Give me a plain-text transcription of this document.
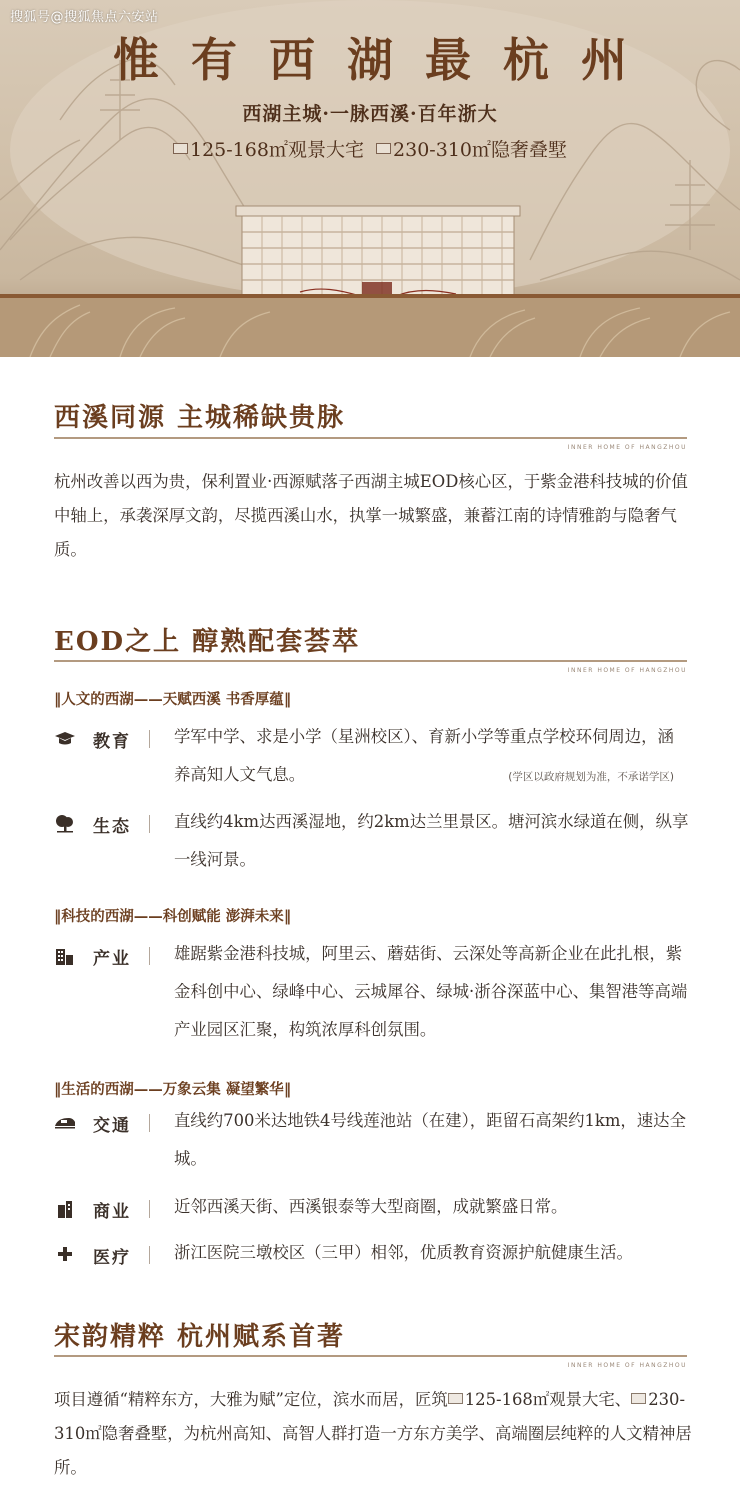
搜狐号@搜狐焦点六安站
惟有西湖最杭州
西湖主城·一脉西溪·百年浙大
125-168㎡观景大宅 230-310㎡隐奢叠墅
西溪同源 主城稀缺贵脉
INNER HOME OF HANGZHOU
杭州改善以西为贵，保利置业·西源赋落子西湖主城EOD核心区，于紫金港科技城的价值中轴上，承袭深厚文韵，尽揽西溪山水，执掌一城繁盛，兼蓄江南的诗情雅韵与隐奢气质。
EOD之上 醇熟配套荟萃
INNER HOME OF HANGZHOU
‖人文的西湖——天赋西溪 书香厚蕴‖
教育	学军中学、求是小学（星洲校区）、育新小学等重点学校环伺周边，涵养高知人文气息。	(学区以政府规划为准，不承诺学区)
生态	直线约4km达西溪湿地，约2km达兰里景区。塘河滨水绿道在侧，纵享一线河景。
‖科技的西湖——科创赋能 澎湃未来‖
产业	雄踞紫金港科技城，阿里云、蘑菇街、云深处等高新企业在此扎根，紫金科创中心、绿峰中心、云城犀谷、绿城·浙谷深蓝中心、集智港等高端产业园区汇聚，构筑浓厚科创氛围。
‖生活的西湖——万象云集 凝望繁华‖
交通	直线约700米达地铁4号线莲池站（在建），距留石高架约1km，速达全城。
商业	近邻西溪天街、西溪银泰等大型商圈，成就繁盛日常。
医疗	浙江医院三墩校区（三甲）相邻，优质教育资源护航健康生活。
宋韵精粹 杭州赋系首著
INNER HOME OF HANGZHOU
项目遵循“精粹东方，大雅为赋”定位，滨水而居，匠筑 125-168㎡观景大宅、 230-310㎡隐奢叠墅，为杭州高知、高智人群打造一方东方美学、高端圈层纯粹的人文精神居所。
